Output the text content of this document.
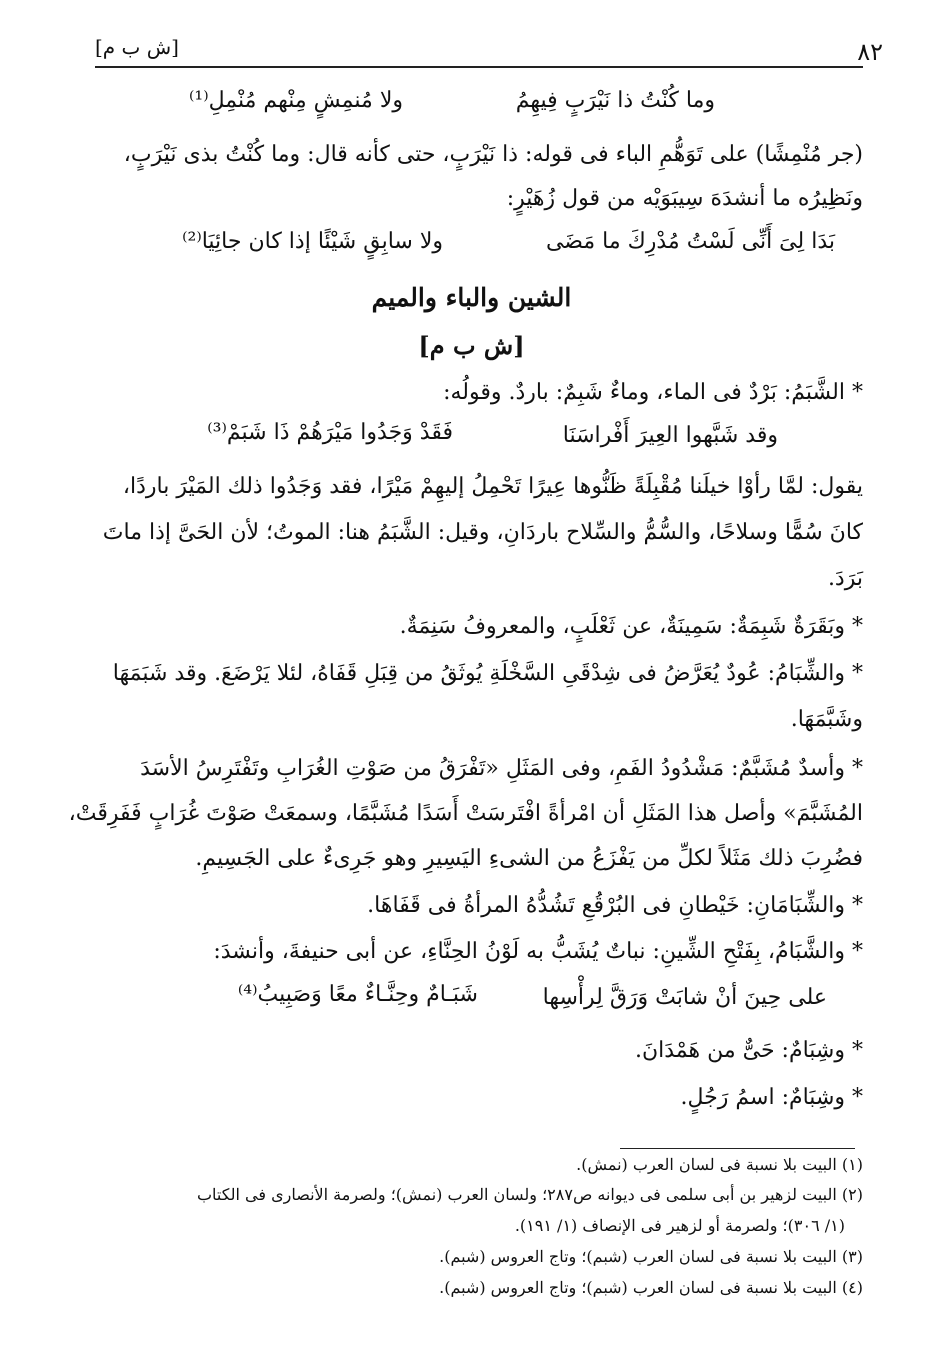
[ش ب م]	٨٢
وما كُنْتُ ذا نَيْرَبٍ فِيهِمُ
ولا مُنمِشٍ مِنْهم مُنْمِلِ⁽¹⁾
(جر مُنْمِشًا) على تَوَهُّمِ الباء فى قوله: ذا نَيْرَبٍ، حتى كأنه قال: وما كُنْتُ بذى نَيْرَبٍ،
ونَظِيرُه ما أنشدَهَ سِيبَوَيْه من قول زُهَيْرٍ:
بَدَا لِىَ أَنِّى لَسْتُ مُدْرِكَ ما مَضَى
ولا سابِقٍ شَيْئًا إذا كان جائِيَا⁽²⁾
الشين والباء والميم
[ش ب م]
* الشَّبَمُ: بَرْدٌ فى الماء، وماءٌ شَبِمٌ: باردٌ. وقولُه:
وقد شَبَّهوا العِيرَ أَفْراسَنَا
فَقَدْ وَجَدُوا مَيْرَهُمْ ذَا شَبَمْ⁽³⁾
يقول: لمَّا رأوْا خيلَنا مُقْبِلَةً ظَنُّوها عِيرًا تَحْمِلُ إليهِمْ مَيْرًا، فقد وَجَدُوا ذلك المَيْرَ باردًا،
كانَ سُمًّا وسلاحًا، والسُّمُّ والسِّلاح باردَانِ، وقيل: الشَّبَمُ هنا: الموتُ؛ لأن الحَىَّ إذا ماتَ
بَرَدَ.
* وبَقَرَةٌ شَبِمَةٌ: سَمِينَةٌ، عن ثَعْلَبٍ، والمعروفُ سَنِمَةٌ.
* والشِّبَامُ: عُودٌ يُعَرَّضُ فى شِدْقَىِ السَّخْلَةِ يُوثَقُ من قِبَلِ قَفَاهُ، لئلا يَرْضَعَ. وقد شَبَمَهَا
وشَبَّمَهَا.
* وأسدٌ مُشَبَّمٌ: مَشْدُودُ الفَمِ، وفى المَثَلِ «تَفْرَقُ من صَوْتِ الغُرَابِ وتَفْتَرِسُ الأسَدَ
المُشَبَّمَ» وأصل هذا المَثَلِ أن امْرأةً افْتَرسَتْ أَسَدًا مُشَبَّمًا، وسمعَتْ صَوْتَ غُرَابٍ فَفَرِقَتْ،
فضُرِبَ ذلك مَثَلاً لكلِّ من يَفْزَعُ من الشىءِ اليَسِيرِ وهو جَرِىءٌ على الجَسِيمِ.
* والشِّبَامَانِ: خَيْطانِ فى البُرْقُعِ تَشُدُّهُ المرأةُ فى قَفَاهَا.
* والشَّبَامُ، بِفَتْحِ الشِّينِ: نباتٌ يُشَبُّ به لَوْنُ الحِنَّاءِ، عن أبى حنيفةَ، وأنشدَ:
على حِينَ أنْ شابَتْ وَرَقَّ لِرأْسِها
شَبَـامٌ وحِنَّـاءٌ معًا وَصَبِيبُ⁽⁴⁾
* وشِبَامٌ: حَىٌّ من هَمْدَانَ.
* وشِبَامٌ: اسمُ رَجُلٍ.
(١) البيت بلا نسبة فى لسان العرب (نمش).
(٢) البيت لزهير بن أبى سلمى فى ديوانه ص٢٨٧؛ ولسان العرب (نمش)؛ ولصرمة الأنصارى فى الكتاب
(١/ ٣٠٦)؛ ولصرمة أو لزهير فى الإنصاف (١/ ١٩١).
(٣) البيت بلا نسبة فى لسان العرب (شبم)؛ وتاج العروس (شبم).
(٤) البيت بلا نسبة فى لسان العرب (شبم)؛ وتاج العروس (شبم).
